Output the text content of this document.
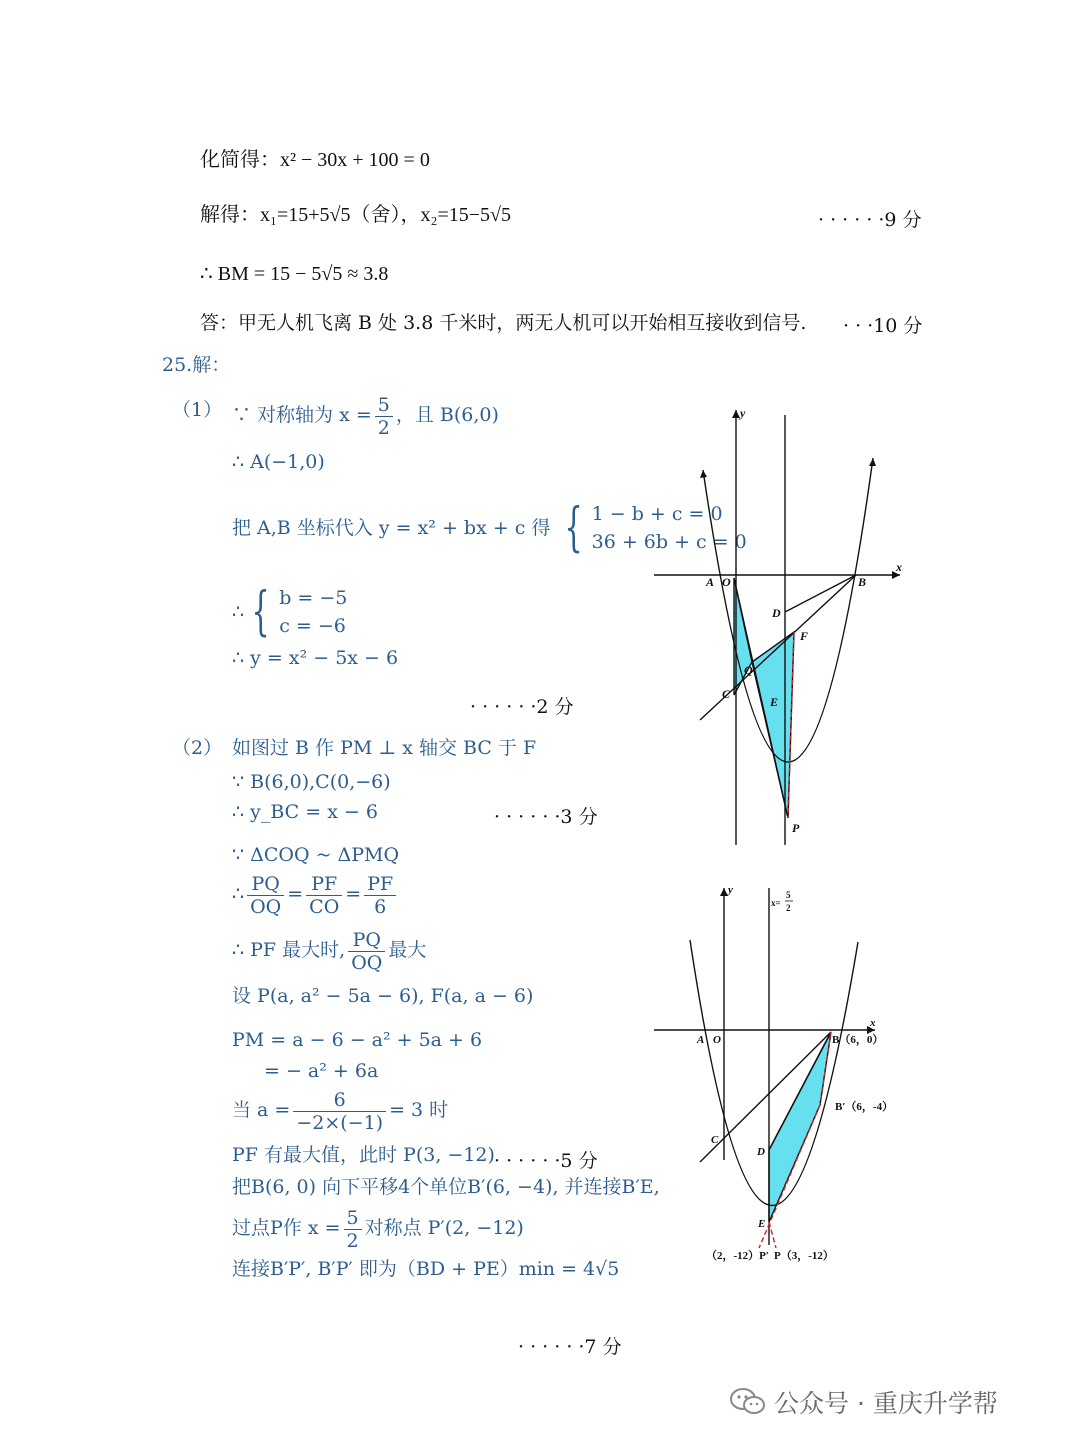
化简得：x² − 30x + 100 = 0
解得：x₁=15+5√5（舍），x₂=15−5√5	· · · · · ·9 分
∴ BM = 15 − 5√5 ≈ 3.8
答：甲无人机飞离 B 处 3.8 千米时，两无人机可以开始相互接收到信号. · · ·10 分
25.解：
（1） ∵ 对称轴为 $x = \frac{5}{2}$ ，且 B(6,0)
∴ A(−1,0)
把 A,B 坐标代入 y = x² + bx + c 得 { 1 − b + c = 0
36 + 6b + c = 0
∴ { b = −5
c = −6
∴ y = x² − 5x − 6
· · · · · ·2 分
（2） 如图过 B 作 PM ⊥ x 轴交 BC 于 F
∵ B(6,0),C(0,−6)
∴ y_BC = x − 6	· · · · · ·3 分
∵ ΔCOQ ~ ΔPMQ
∴ $\frac{PQ}{OQ} = \frac{PF}{CO} = \frac{PF}{6}$
∴ PF 最大时, $\frac{PQ}{OQ}$ 最大
设 P(a, a² − 5a − 6), F(a, a − 6)
PM = a − 6 − a² + 5a + 6
= − a² + 6a
当 $a = \frac{6}{-2\times(-1)} = 3$ 时
PF 有最大值，此时 P(3, −12) · · · · · ·5 分
把B(6, 0) 向下平移4个单位B′(6, −4), 并连接B′E,
过点P作 $x = \frac{5}{2}$ 对称点 P′(2, −12)
连接B′P′, B′P′ 即为（BD + PE）min = 4√5
· · · · · ·7 分
y
x
A O	B
D
F
Q
C
E
P
y
x
x=
5
2
A O	B（6，0）
B′（6，-4）
C
D
E
（2，-12）P′ P（3，-12）
公众号 · 重庆升学帮
